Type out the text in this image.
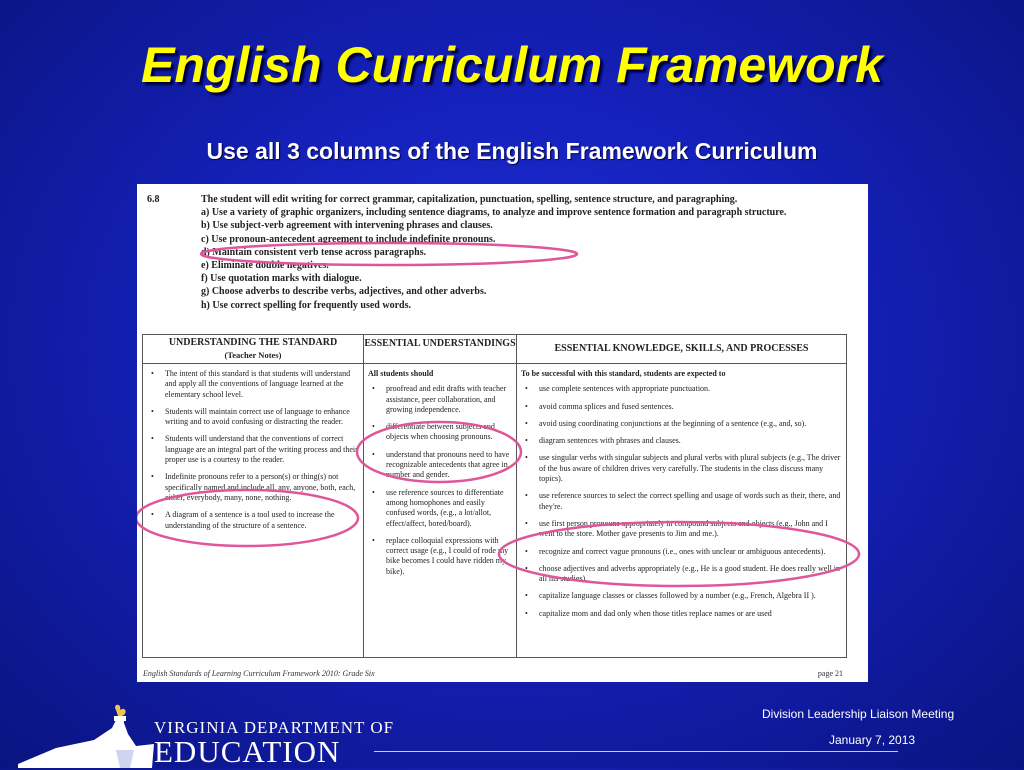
English Curriculum Framework
Use all 3 columns of the English Framework Curriculum
6.8	The student will edit writing for correct grammar, capitalization, punctuation, spelling, sentence structure, and paragraphing.
a) Use a variety of graphic organizers, including sentence diagrams, to analyze and improve sentence formation and paragraph structure.
b) Use subject-verb agreement with intervening phrases and clauses.
c) Use pronoun-antecedent agreement to include indefinite pronouns.
d) Maintain consistent verb tense across paragraphs.
e) Eliminate double negatives.
f) Use quotation marks with dialogue.
g) Choose adverbs to describe verbs, adjectives, and other adverbs.
h) Use correct spelling for frequently used words.
UNDERSTANDING THE STANDARD
(Teacher Notes)
• The intent of this standard is that students will understand and apply all the conventions of language learned at the elementary school level.
• Students will maintain correct use of language to enhance writing and to avoid confusing or distracting the reader.
• Students will understand that the conventions of correct language are an integral part of the writing process and their proper use is a courtesy to the reader.
• Indefinite pronouns refer to a person(s) or thing(s) not specifically named and include all, any, anyone, both, each, either, everybody, many, none, nothing.
• A diagram of a sentence is a tool used to increase the understanding of the structure of a sentence.
ESSENTIAL UNDERSTANDINGS
All students should
• proofread and edit drafts with teacher assistance, peer collaboration, and growing independence.
• differentiate between subjects and objects when choosing pronouns.
• understand that pronouns need to have recognizable antecedents that agree in number and gender.
• use reference sources to differentiate among homophones and easily confused words, (e.g., a lot/allot, effect/affect, bored/board).
• replace colloquial expressions with correct usage (e.g., I could of rode my bike becomes I could have ridden my bike).
ESSENTIAL KNOWLEDGE, SKILLS, AND PROCESSES
To be successful with this standard, students are expected to
• use complete sentences with appropriate punctuation.
• avoid comma splices and fused sentences.
• avoid using coordinating conjunctions at the beginning of a sentence (e.g., and, so).
• diagram sentences with phrases and clauses.
• use singular verbs with singular subjects and plural verbs with plural subjects (e.g., The driver of the bus aware of children drives very carefully. The students in the class discuss many topics).
• use reference sources to select the correct spelling and usage of words such as their, there, and they're.
• use first person pronouns appropriately in compound subjects and objects (e.g., John and I went to the store. Mother gave presents to Jim and me.).
• recognize and correct vague pronouns (i.e., ones with unclear or ambiguous antecedents).
• choose adjectives and adverbs appropriately (e.g., He is a good student. He does really well in all his studies).
• capitalize language classes or classes followed by a number (e.g., French, Algebra II ).
• capitalize mom and dad only when those titles replace names or are used
English Standards of Learning Curriculum Framework 2010: Grade Six	page 21
VIRGINIA DEPARTMENT OF
EDUCATION
Division Leadership Liaison Meeting
January 7, 2013
